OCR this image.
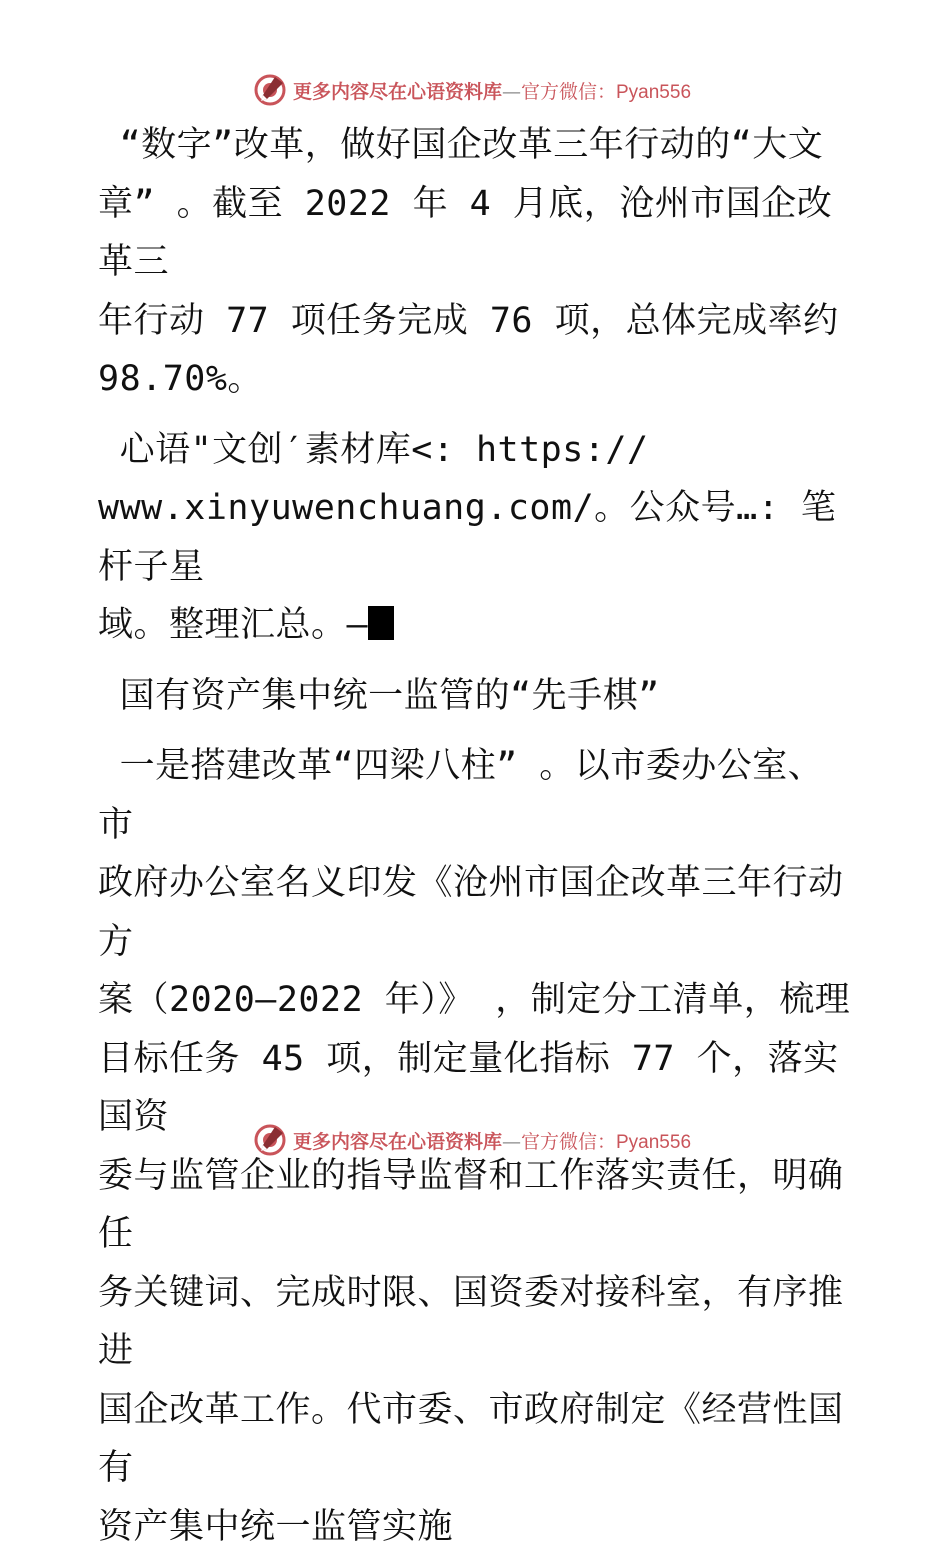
更多内容尽在心语资料库—官方微信：Pyan556
“数字”改革，做好国企改革三年行动的“大文
章” 。截至 2022 年 4 月底，沧州市国企改革三
年行动 77 项任务完成 76 项，总体完成率约
98.70%。
心语"文创′素材库<: https://
www.xinyuwenchuang.com/。公众号…: 笔杆子星
域。整理汇总。—
国有资产集中统一监管的“先手棋”
一是搭建改革“四梁八柱” 。以市委办公室、市
政府办公室名义印发《沧州市国企改革三年行动方
案（2020—2022 年）》 ，制定分工清单，梳理
目标任务 45 项，制定量化指标 77 个，落实国资
委与监管企业的指导监督和工作落实责任，明确任
务关键词、完成时限、国资委对接科室，有序推进
国企改革工作。代市委、市政府制定《经营性国有
资产集中统一监管实施
更多内容尽在心语资料库—官方微信：Pyan556
